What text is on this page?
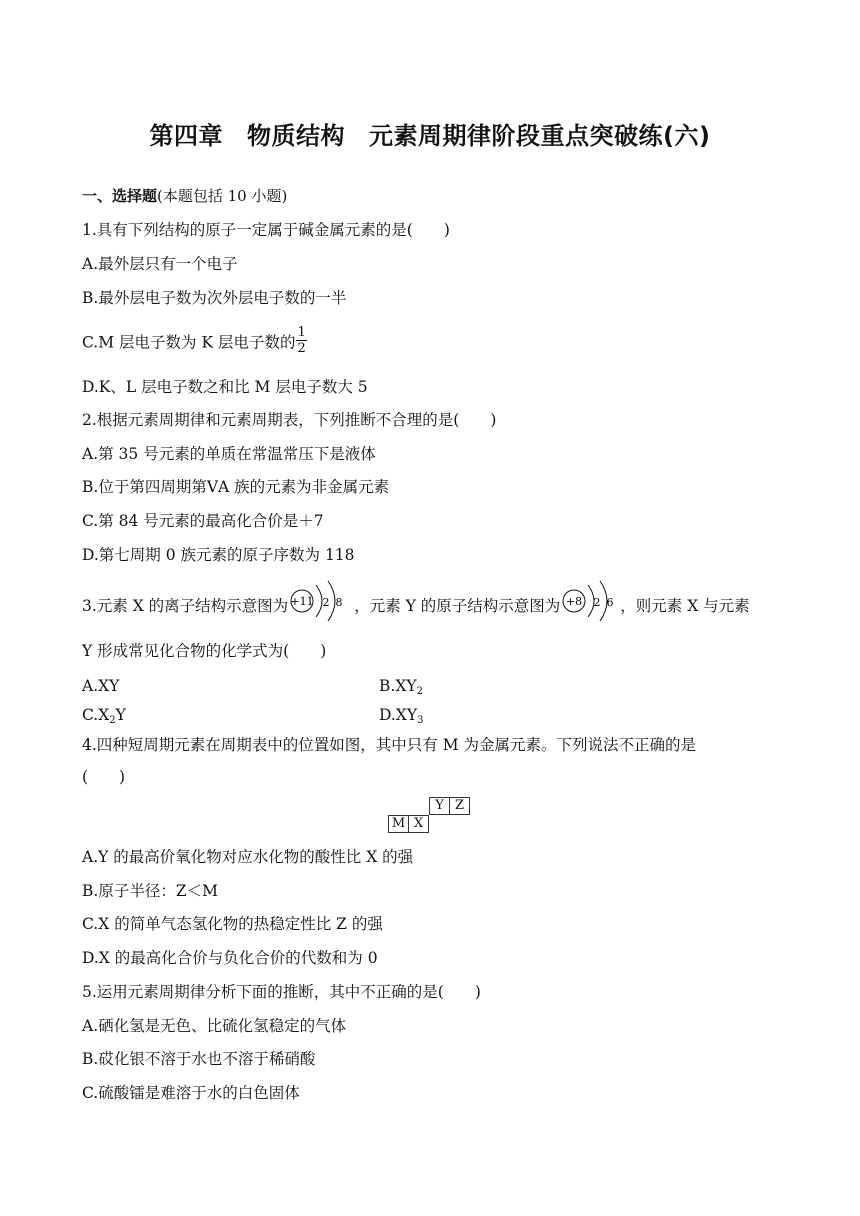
第四章 物质结构 元素周期律阶段重点突破练(六)
一、选择题(本题包括 10 小题)
1.具有下列结构的原子一定属于碱金属元素的是(　　)
A.最外层只有一个电子
B.最外层电子数为次外层电子数的一半
C.M 层电子数为 K 层电子数的 $\frac{1}{2}$
D.K、L 层电子数之和比 M 层电子数大 5
2.根据元素周期律和元素周期表，下列推断不合理的是(　　)
A.第 35 号元素的单质在常温常压下是液体
B.位于第四周期第ⅤA 族的元素为非金属元素
C.第 84 号元素的最高化合价是＋7
D.第七周期 0 族元素的原子序数为 118
3.元素 X 的离子结构示意图为 +11 2 8 ，元素 Y 的原子结构示意图为 +8 2 6 ，则元素 X 与元素
Y 形成常见化合物的化学式为(　　)
A.XY	$B.XY_2$
$C.X_2Y$	$D.XY_3$
4.四种短周期元素在周期表中的位置如图，其中只有 M 为金属元素。下列说法不正确的是
(　　)
Y Z
M X
A.Y 的最高价氧化物对应水化物的酸性比 X 的强
B.原子半径：Z＜M
C.X 的简单气态氢化物的热稳定性比 Z 的强
D.X 的最高化合价与负化合价的代数和为 0
5.运用元素周期律分析下面的推断，其中不正确的是(　　)
A.硒化氢是无色、比硫化氢稳定的气体
B.砹化银不溶于水也不溶于稀硝酸
C.硫酸镭是难溶于水的白色固体
